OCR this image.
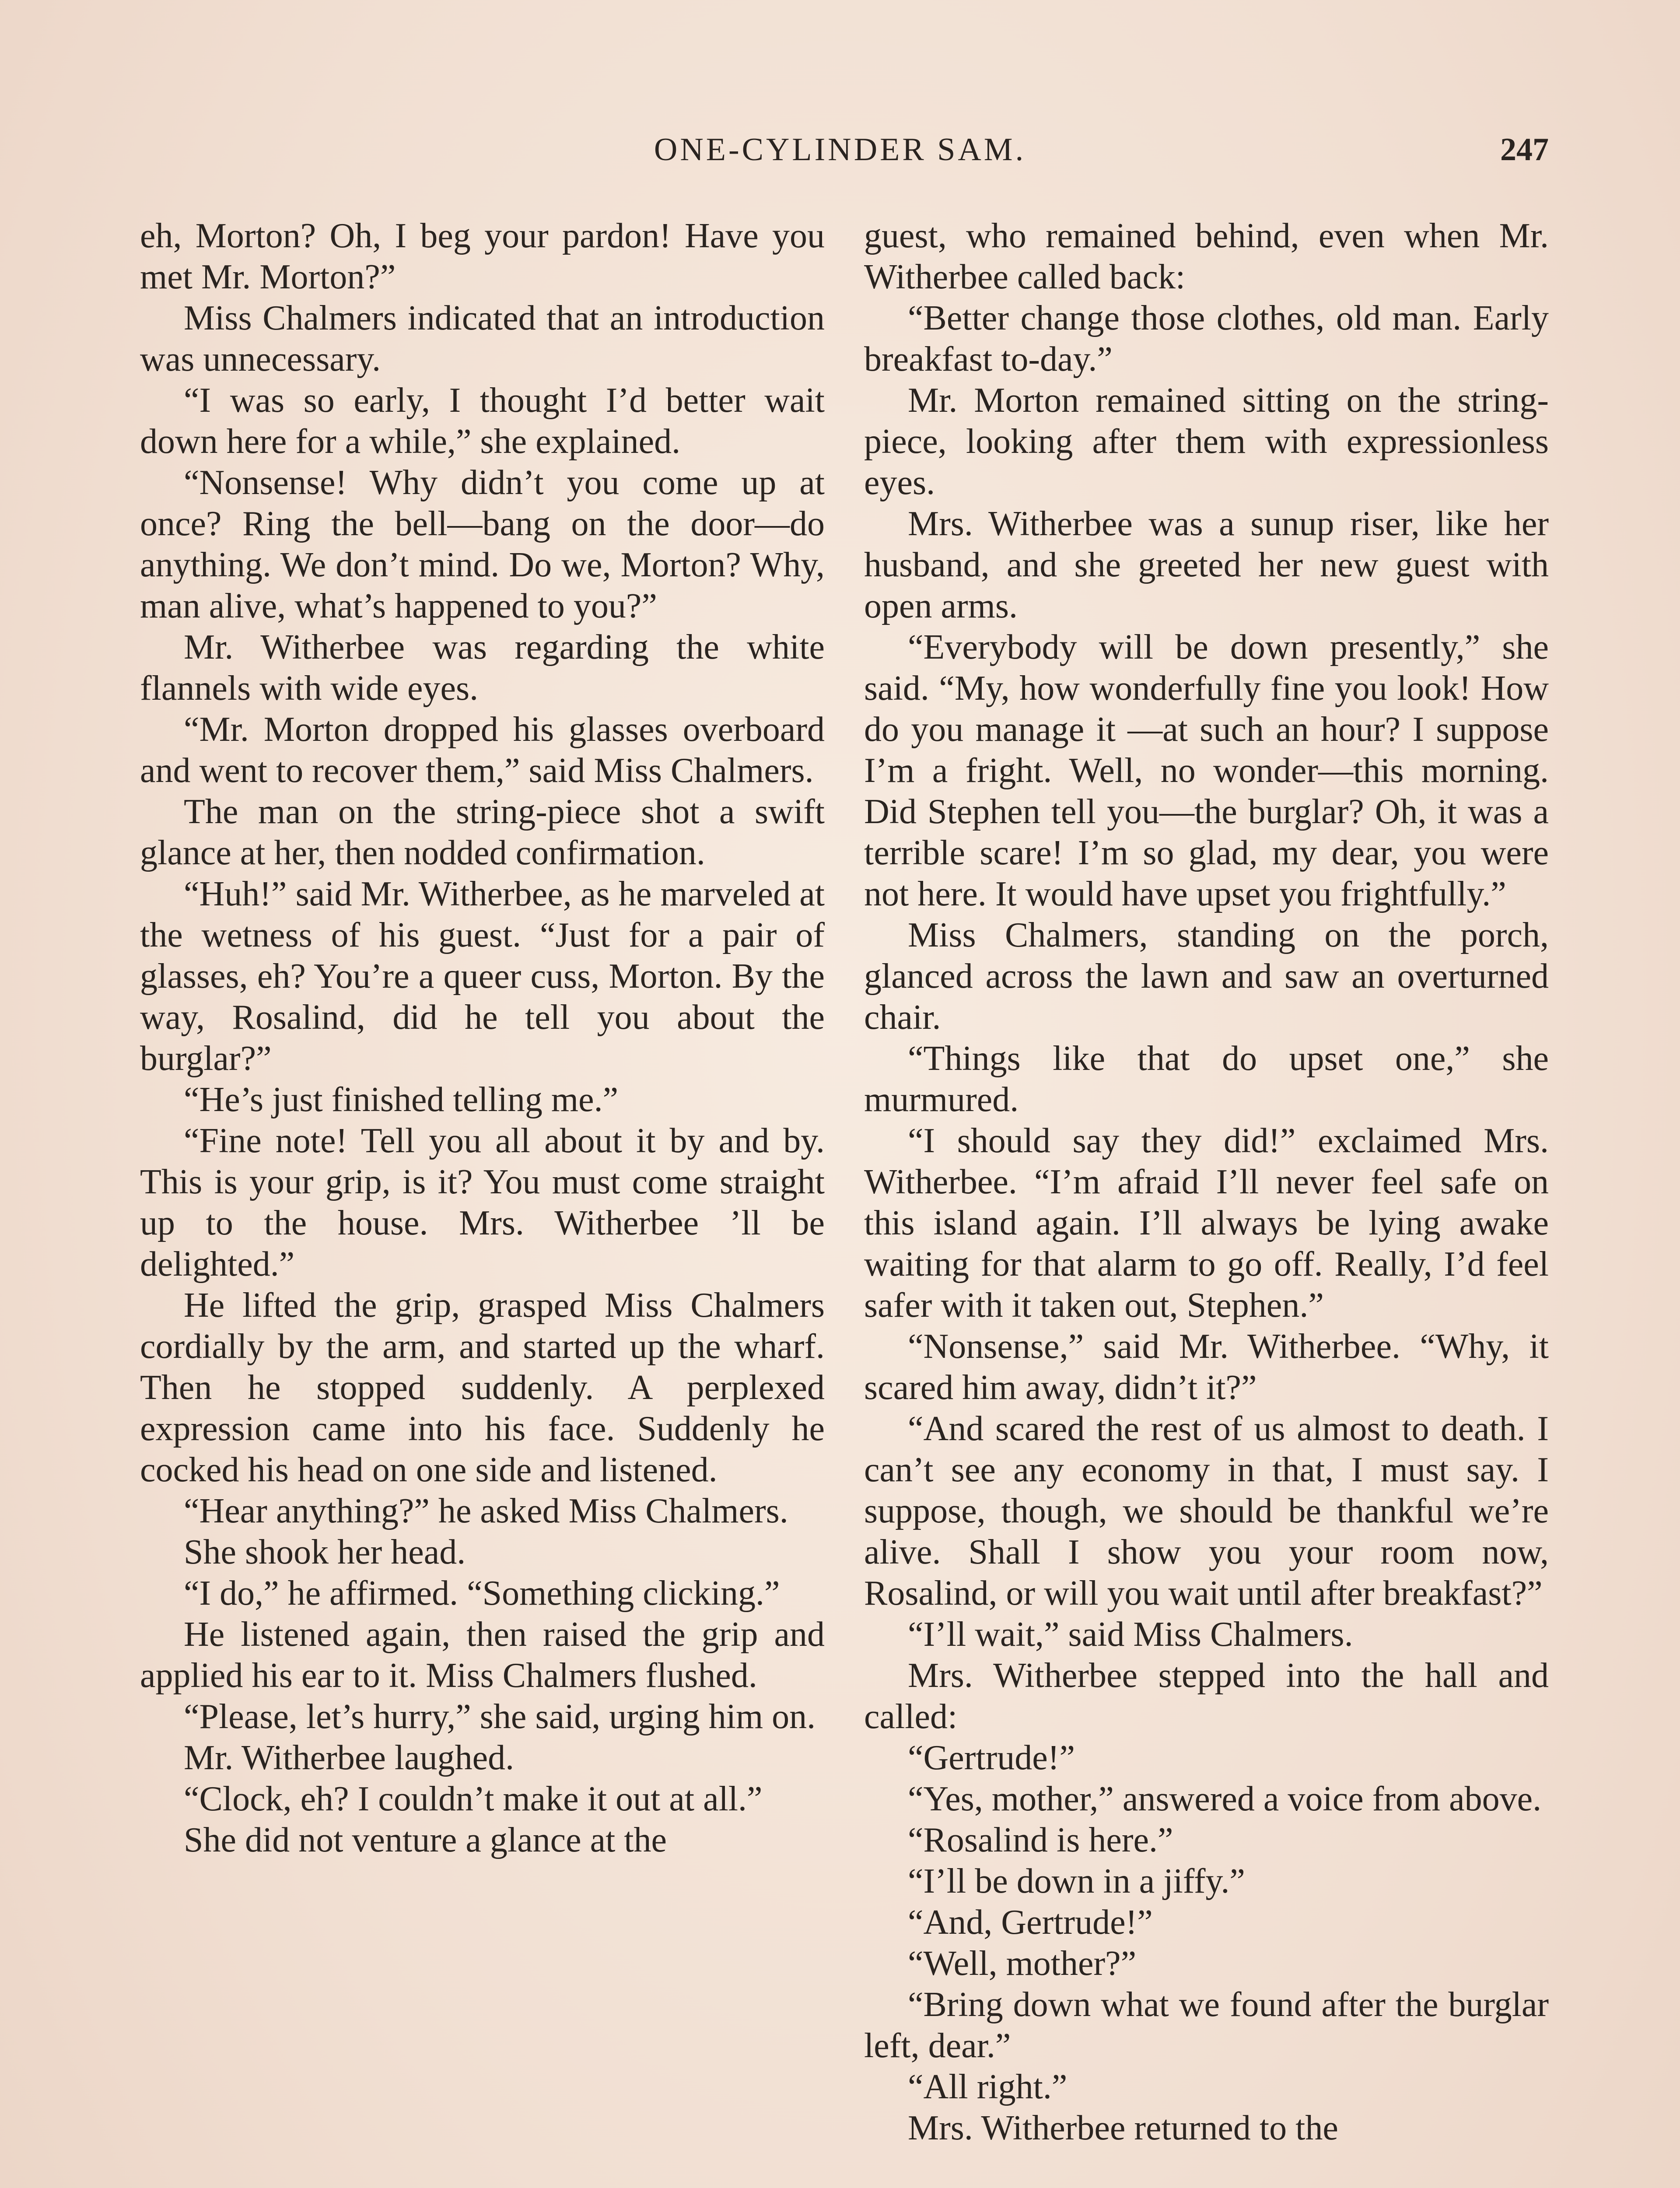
ONE-CYLINDER SAM.	247

eh, Morton? Oh, I beg your pardon! Have you met Mr. Morton?”

Miss Chalmers indicated that an introduction was unnecessary.

“I was so early, I thought I’d better wait down here for a while,” she explained.

“Nonsense! Why didn’t you come up at once? Ring the bell—bang on the door—do anything. We don’t mind. Do we, Morton? Why, man alive, what’s happened to you?”

Mr. Witherbee was regarding the white flannels with wide eyes.

“Mr. Morton dropped his glasses overboard and went to recover them,” said Miss Chalmers.

The man on the string-piece shot a swift glance at her, then nodded confirmation.

“Huh!” said Mr. Witherbee, as he marveled at the wetness of his guest. “Just for a pair of glasses, eh? You’re a queer cuss, Morton. By the way, Rosalind, did he tell you about the burglar?”

“He’s just finished telling me.”

“Fine note! Tell you all about it by and by. This is your grip, is it? You must come straight up to the house. Mrs. Witherbee ’ll be delighted.”

He lifted the grip, grasped Miss Chalmers cordially by the arm, and started up the wharf. Then he stopped suddenly. A perplexed expression came into his face. Suddenly he cocked his head on one side and listened.

“Hear anything?” he asked Miss Chalmers.

She shook her head.

“I do,” he affirmed. “Something clicking.”

He listened again, then raised the grip and applied his ear to it. Miss Chalmers flushed.

“Please, let’s hurry,” she said, urging him on.

Mr. Witherbee laughed.

“Clock, eh? I couldn’t make it out at all.”

She did not venture a glance at the

guest, who remained behind, even when Mr. Witherbee called back:

“Better change those clothes, old man. Early breakfast to-day.”

Mr. Morton remained sitting on the string-piece, looking after them with expressionless eyes.

Mrs. Witherbee was a sunup riser, like her husband, and she greeted her new guest with open arms.

“Everybody will be down presently,” she said. “My, how wonderfully fine you look! How do you manage it —at such an hour? I suppose I’m a fright. Well, no wonder—this morning. Did Stephen tell you—the burglar? Oh, it was a terrible scare! I’m so glad, my dear, you were not here. It would have upset you frightfully.”

Miss Chalmers, standing on the porch, glanced across the lawn and saw an overturned chair.

“Things like that do upset one,” she murmured.

“I should say they did!” exclaimed Mrs. Witherbee. “I’m afraid I’ll never feel safe on this island again. I’ll always be lying awake waiting for that alarm to go off. Really, I’d feel safer with it taken out, Stephen.”

“Nonsense,” said Mr. Witherbee. “Why, it scared him away, didn’t it?”

“And scared the rest of us almost to death. I can’t see any economy in that, I must say. I suppose, though, we should be thankful we’re alive. Shall I show you your room now, Rosalind, or will you wait until after breakfast?”

“I’ll wait,” said Miss Chalmers.

Mrs. Witherbee stepped into the hall and called:

“Gertrude!”

“Yes, mother,” answered a voice from above.

“Rosalind is here.”

“I’ll be down in a jiffy.”

“And, Gertrude!”

“Well, mother?”

“Bring down what we found after the burglar left, dear.”

“All right.”

Mrs. Witherbee returned to the
